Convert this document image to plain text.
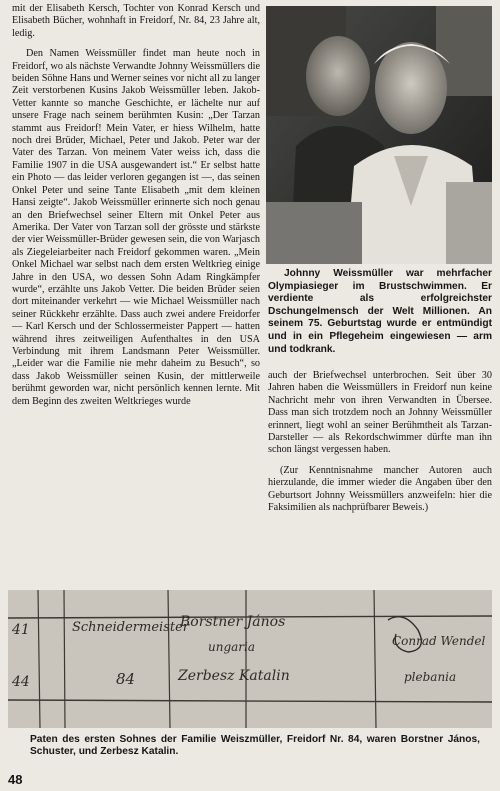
mit der Elisabeth Kersch, Tochter von Konrad Kersch und Elisabeth Bücher, wohnhaft in Freidorf, Nr. 84, 23 Jahre alt, ledig.

Den Namen Weissmüller findet man heute noch in Freidorf, wo als nächste Verwandte Johnny Weissmüllers die beiden Söhne Hans und Werner seines vor nicht all zu langer Zeit verstorbenen Kusins Jakob Weissmüller leben. Jakob-Vetter kannte so manche Geschichte, er lächelte nur auf unsere Frage nach seinem berühmten Kusin: „Der Tarzan stammt aus Freidorf! Mein Vater, er hiess Wilhelm, hatte noch drei Brüder, Michael, Peter und Jakob. Peter war der Vater des Tarzan. Von meinem Vater weiss ich, dass die Familie 1907 in die USA ausgewandert ist.“ Er selbst hatte ein Photo — das leider verloren gegangen ist —, das seinen Onkel Peter und seine Tante Elisabeth „mit dem kleinen Hansi zeigte“. Jakob Weissmüller erinnerte sich noch genau an den Briefwechsel seiner Eltern mit Onkel Peter aus Amerika. Der Vater von Tarzan soll der grösste und stärkste der vier Weissmüller-Brüder gewesen sein, die von Warjasch als Ziegeleiarbeiter nach Freidorf gekommen waren. „Mein Onkel Michael war selbst nach dem ersten Weltkrieg einige Jahre in den USA, wo dessen Sohn Adam Ringkämpfer wurde“, erzählte uns Jakob Vetter. Die beiden Brüder seien dort miteinander verkehrt — wie Michael Weissmüller nach seiner Rückkehr erzählte. Dass auch zwei andere Freidorfer — Karl Kersch und der Schlossermeister Pappert — hatten während ihres zeitweiligen Aufenthaltes in den USA Verbindung mit ihrem Landsmann Peter Weissmüller. „Leider war die Familie nie mehr daheim zu Besuch“, so dass Jakob Weissmüller seinen Kusin, der mittlerweile berühmt geworden war, nicht persönlich kennen lernte. Mit dem Beginn des zweiten Weltkrieges wurde

Johnny Weissmüller war mehrfacher Olympiasieger im Brustschwimmen. Er verdiente als erfolgreichster Dschungelmensch der Welt Millionen. An seinem 75. Geburtstag wurde er entmündigt und in ein Pflegeheim eingewiesen — arm und todkrank.

auch der Briefwechsel unterbrochen. Seit über 30 Jahren haben die Weissmüllers in Freidorf nun keine Nachricht mehr von ihren Verwandten in Übersee. Dass man sich trotzdem noch an Johnny Weissmüller erinnert, liegt wohl an seiner Berühmtheit als Tarzan-Darsteller — als Rekordschwimmer dürfte man ihn schon längst vergessen haben.

(Zur Kenntnisnahme mancher Autoren auch hierzulande, die immer wieder die Angaben über den Geburtsort Johnny Weissmüllers anzweifeln: hier die Faksimilien als nachprüfbarer Beweis.)

41	Schneidermeister
Borstner János
ungaria	Conrad Wendel
44	84	Zerbesz Katalin	plebania
Paten des ersten Sohnes der Familie Weiszmüller, Freidorf Nr. 84, waren Borstner János, Schuster, und Zerbesz Katalin.
48
